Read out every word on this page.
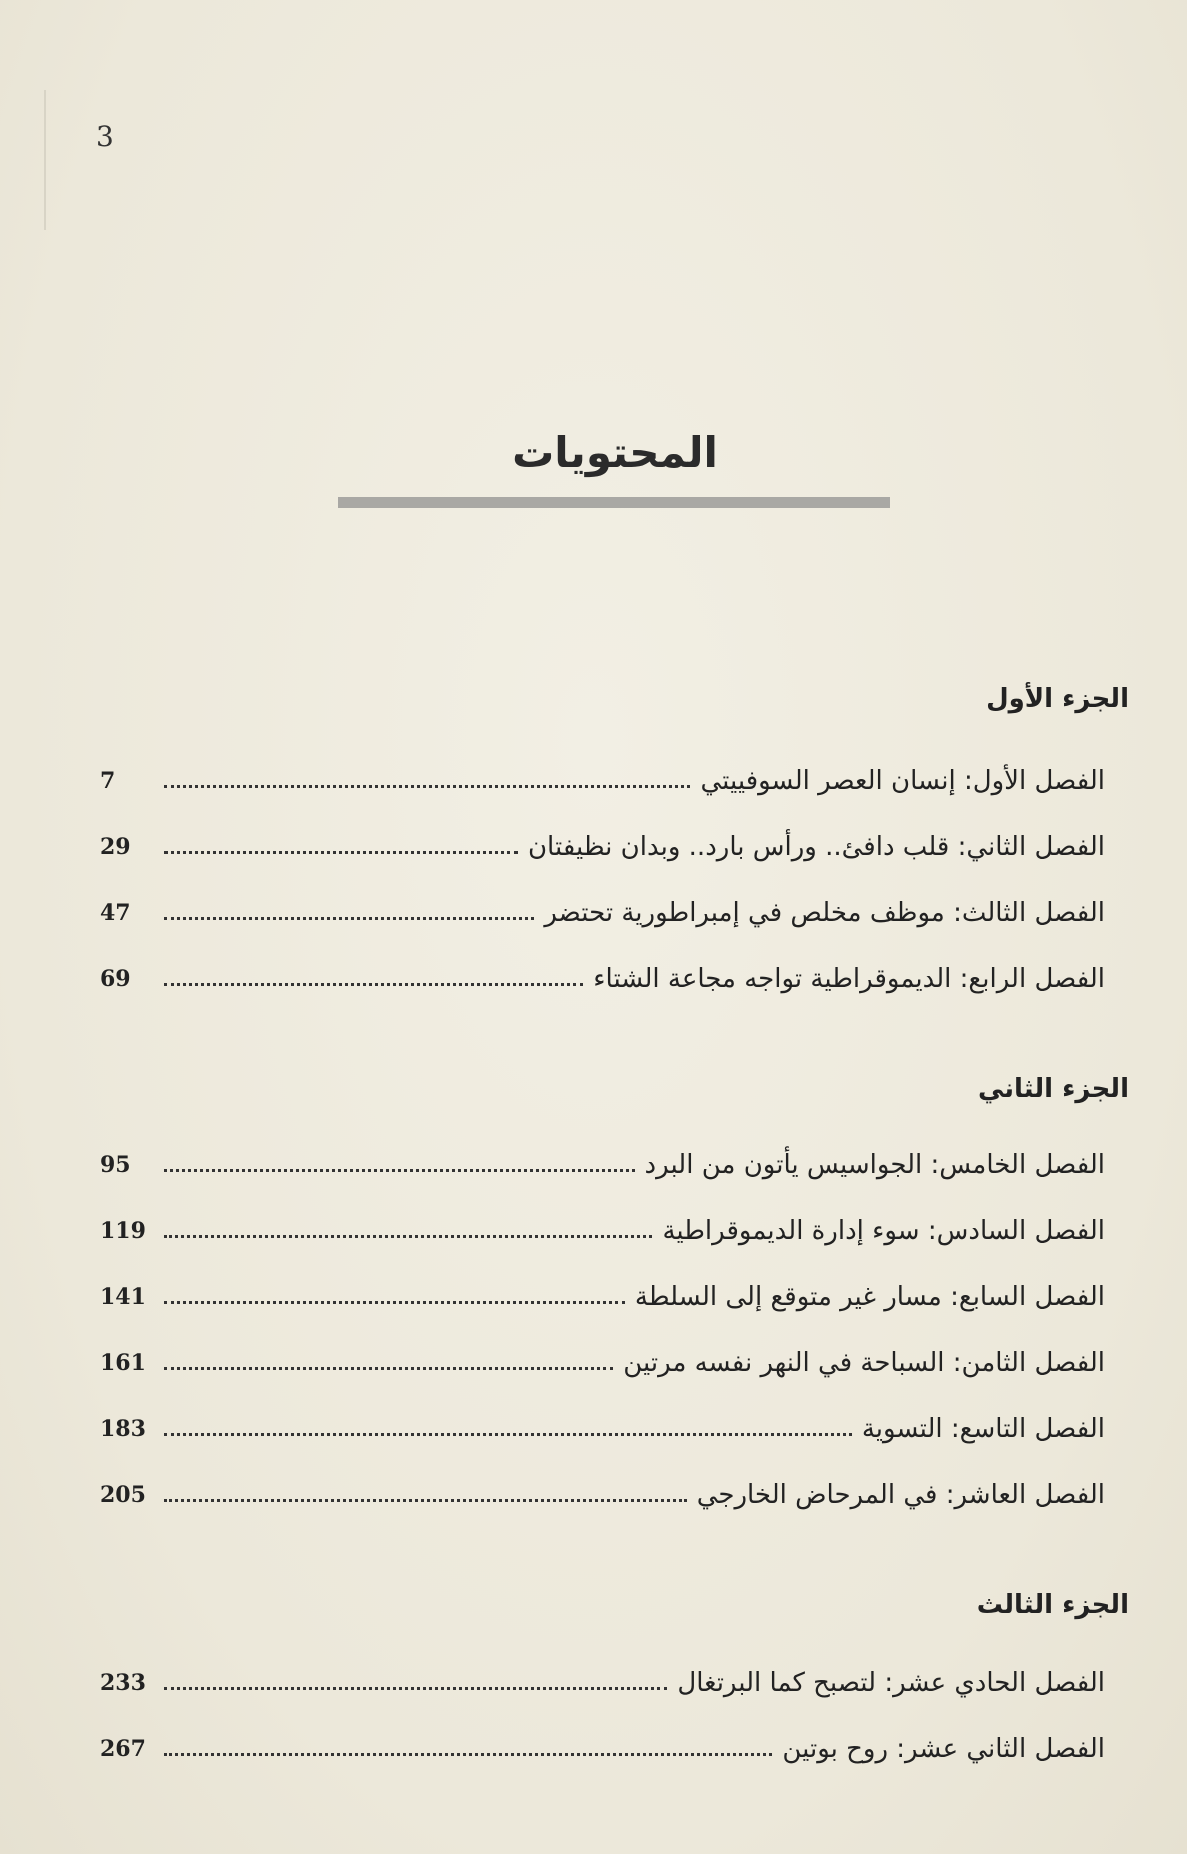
3
المحتويات
الجزء الأول
الفصل الأول: إنسان العصر السوفييتي
7
الفصل الثاني: قلب دافئ.. ورأس بارد.. وبدان نظيفتان
29
الفصل الثالث: موظف مخلص في إمبراطورية تحتضر
47
الفصل الرابع: الديموقراطية تواجه مجاعة الشتاء
69
الجزء الثاني
الفصل الخامس: الجواسيس يأتون من البرد
95
الفصل السادس: سوء إدارة الديموقراطية
119
الفصل السابع: مسار غير متوقع إلى السلطة
141
الفصل الثامن: السباحة في النهر نفسه مرتين
161
الفصل التاسع: التسوية
183
الفصل العاشر: في المرحاض الخارجي
205
الجزء الثالث
الفصل الحادي عشر: لتصبح كما البرتغال
233
الفصل الثاني عشر: روح بوتين
267
